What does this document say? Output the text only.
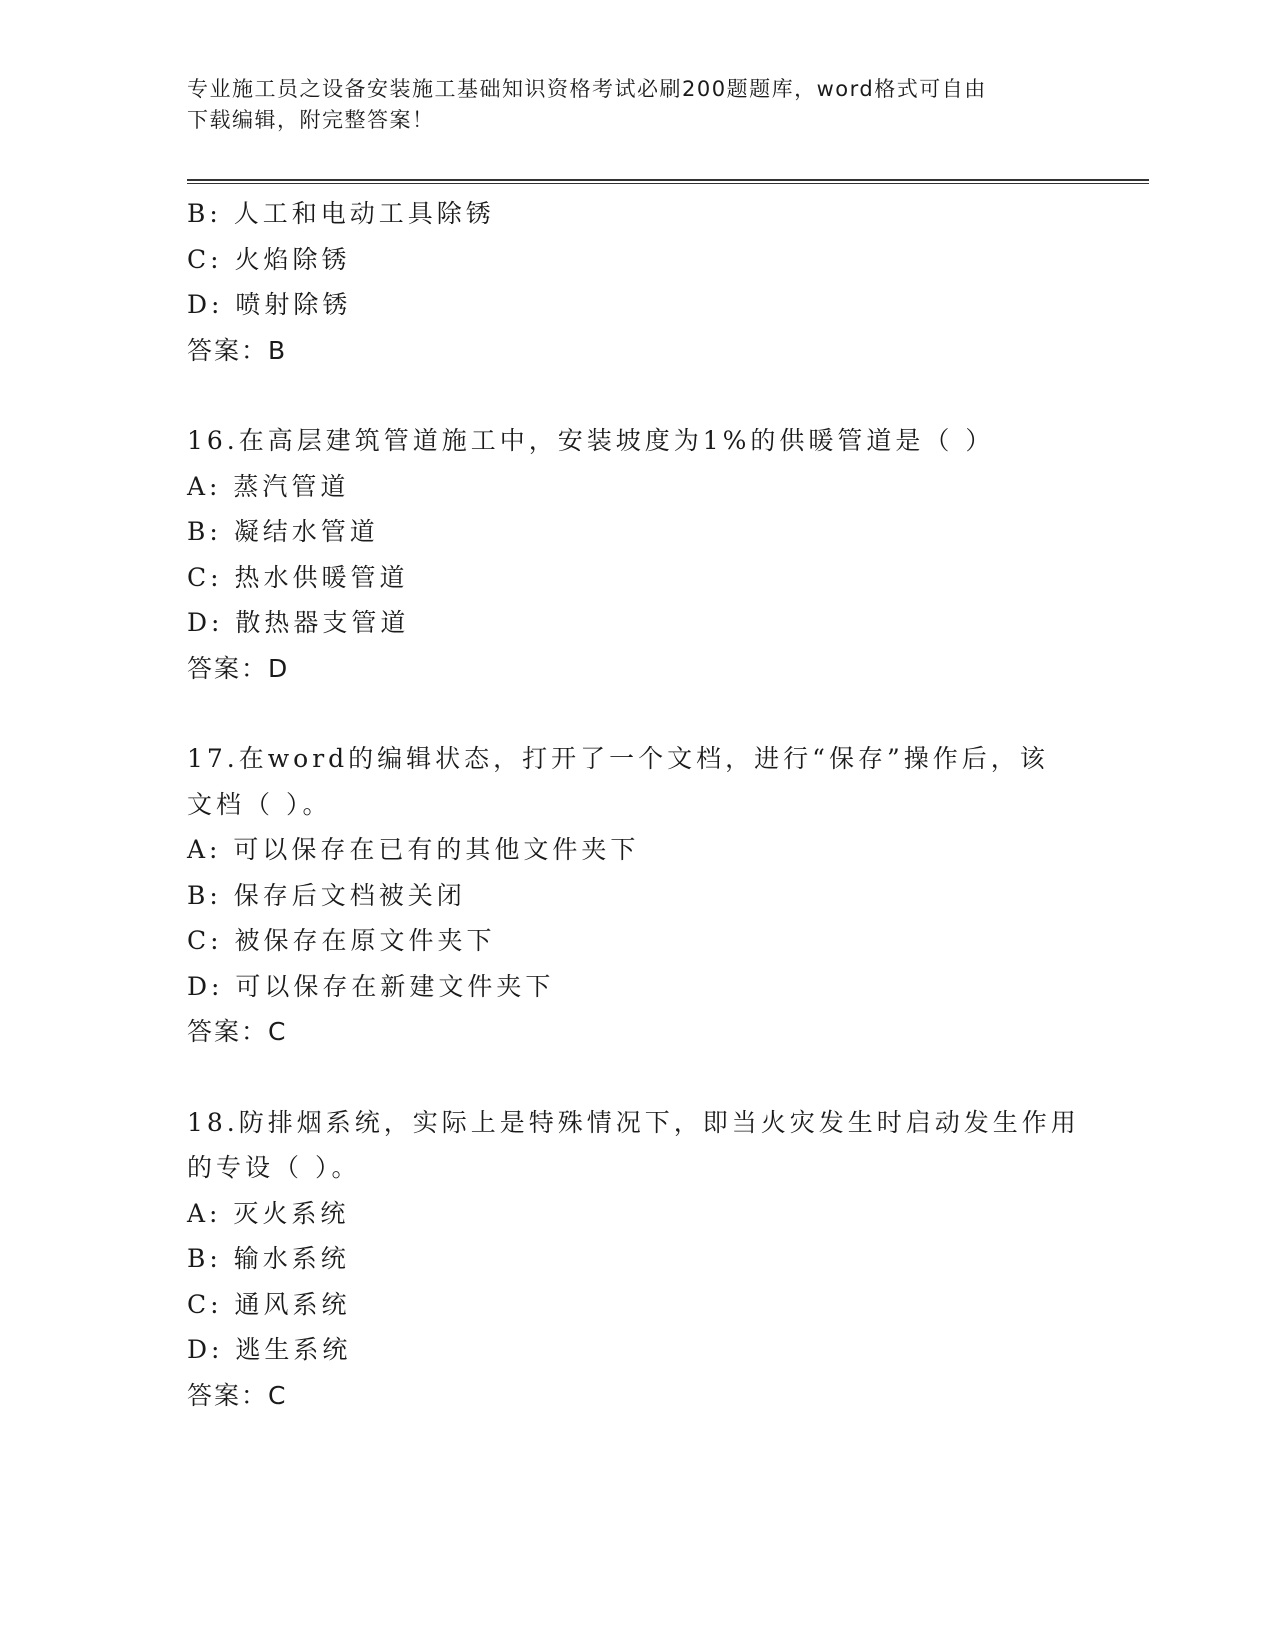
专业施工员之设备安装施工基础知识资格考试必刷200题题库，word格式可自由
下载编辑，附完整答案！
B: 人工和电动工具除锈
C: 火焰除锈
D: 喷射除锈
答案：B
16.在高层建筑管道施工中，安装坡度为1%的供暖管道是（ ）
A: 蒸汽管道
B: 凝结水管道
C: 热水供暖管道
D: 散热器支管道
答案：D
17.在word的编辑状态，打开了一个文档，进行“保存”操作后，该
文档（ ）。
A: 可以保存在已有的其他文件夹下
B: 保存后文档被关闭
C: 被保存在原文件夹下
D: 可以保存在新建文件夹下
答案：C
18.防排烟系统，实际上是特殊情况下，即当火灾发生时启动发生作用
的专设（ ）。
A: 灭火系统
B: 输水系统
C: 通风系统
D: 逃生系统
答案：C
